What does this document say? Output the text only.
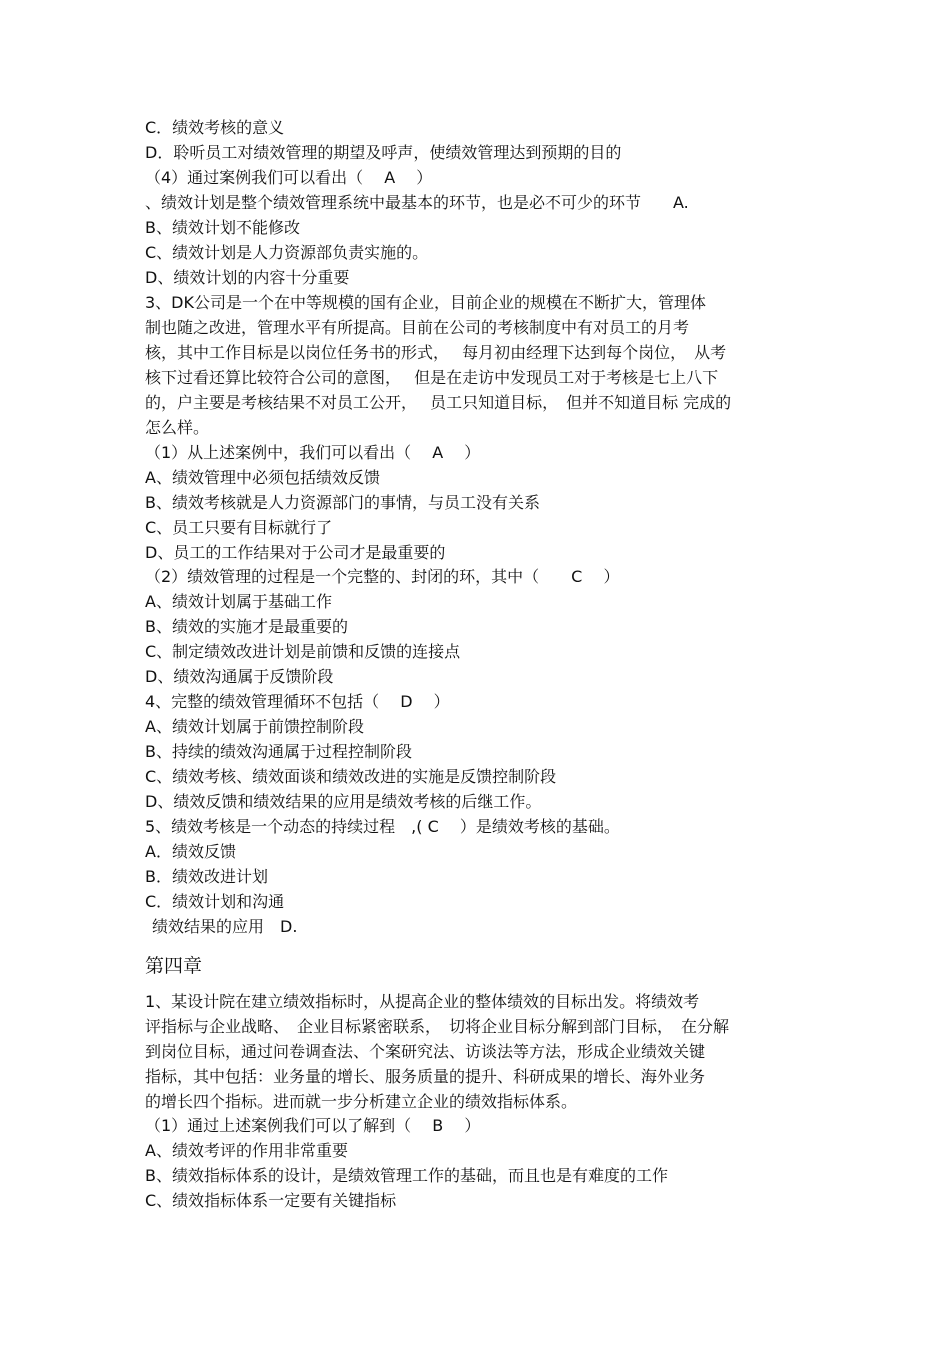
C．绩效考核的意义
D．聆听员工对绩效管理的期望及呼声，使绩效管理达到预期的目的
（4）通过案例我们可以看出（　 A　 ）
、绩效计划是整个绩效管理系统中最基本的环节，也是必不可少的环节　　A.
B、绩效计划不能修改
C、绩效计划是人力资源部负责实施的。
D、绩效计划的内容十分重要
3、DK公司是一个在中等规模的国有企业，目前企业的规模在不断扩大，管理体
制也随之改进，管理水平有所提高。目前在公司的考核制度中有对员工的月考
核，其中工作目标是以岗位任务书的形式，　 每月初由经理下达到每个岗位，　从考
核下过看还算比较符合公司的意图，　 但是在走访中发现员工对于考核是七上八下
的，户主要是考核结果不对员工公开，　 员工只知道目标，　但并不知道目标 完成的
怎么样。
（1）从上述案例中，我们可以看出（　 A　 ）
A、绩效管理中必须包括绩效反馈
B、绩效考核就是人力资源部门的事情，与员工没有关系
C、员工只要有目标就行了
D、员工的工作结果对于公司才是最重要的
（2）绩效管理的过程是一个完整的、封闭的环，其中（　　C　 ）
A、绩效计划属于基础工作
B、绩效的实施才是最重要的
C、制定绩效改进计划是前馈和反馈的连接点
D、绩效沟通属于反馈阶段
4、完整的绩效管理循环不包括（　 D　 ）
A、绩效计划属于前馈控制阶段
B、持续的绩效沟通属于过程控制阶段
C、绩效考核、绩效面谈和绩效改进的实施是反馈控制阶段
D、绩效反馈和绩效结果的应用是绩效考核的后继工作。
5、绩效考核是一个动态的持续过程　,( C　 ）是绩效考核的基础。
A．绩效反馈
B．绩效改进计划
C．绩效计划和沟通
绩效结果的应用　D.
第四章
1、某设计院在建立绩效指标时，从提高企业的整体绩效的目标出发。将绩效考
评指标与企业战略、　企业目标紧密联系，　切将企业目标分解到部门目标，　在分解
到岗位目标，通过问卷调查法、个案研究法、访谈法等方法，形成企业绩效关键
指标，其中包括：业务量的增长、服务质量的提升、科研成果的增长、海外业务
的增长四个指标。进而就一步分析建立企业的绩效指标体系。
（1）通过上述案例我们可以了解到（　 B　 ）
A、绩效考评的作用非常重要
B、绩效指标体系的设计，是绩效管理工作的基础，而且也是有难度的工作
C、绩效指标体系一定要有关键指标
